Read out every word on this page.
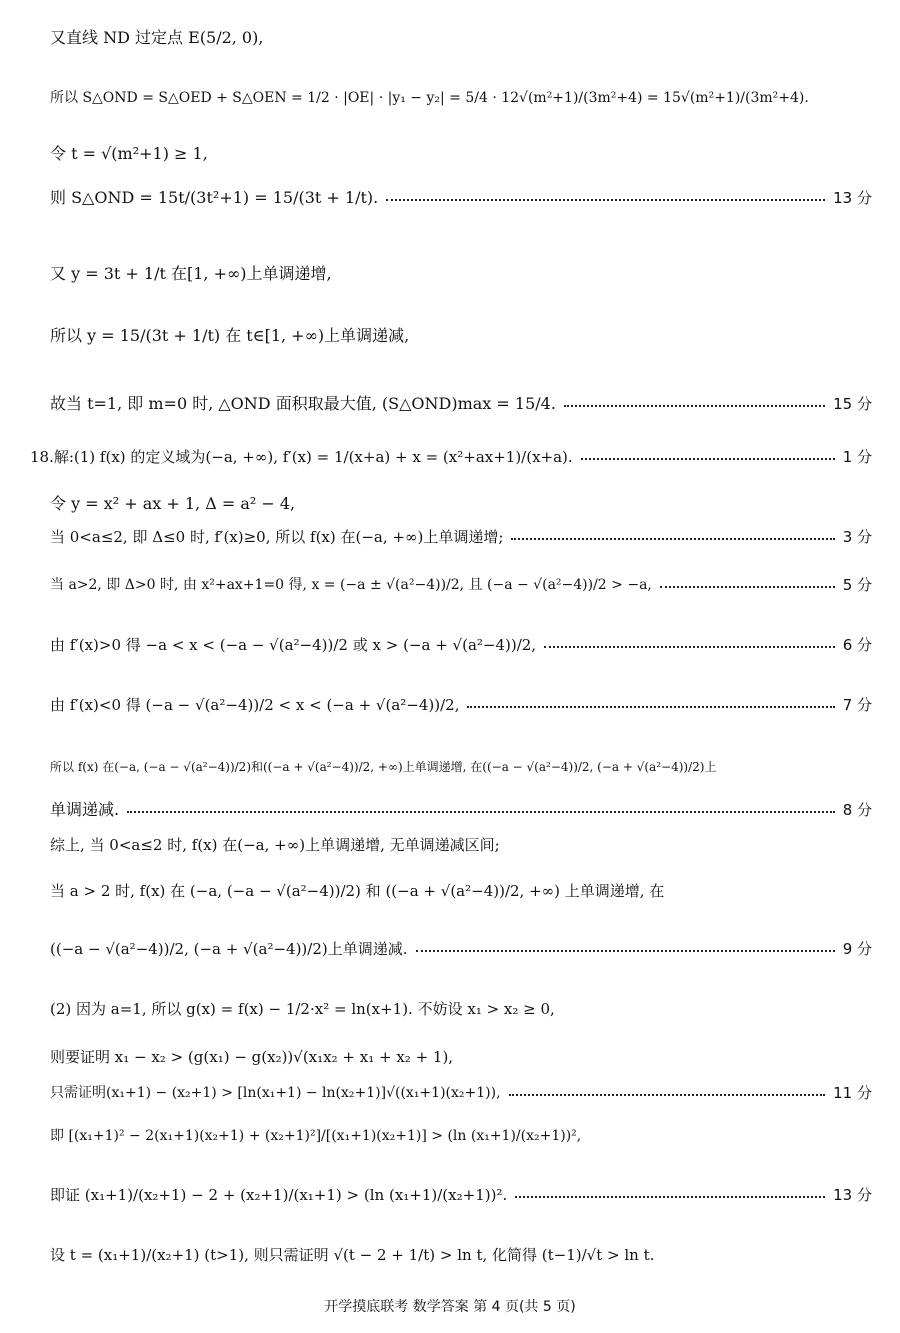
又直线 ND 过定点 E(5/2, 0),
所以 S△OND = S△OED + S△OEN = 1/2 · |OE| · |y₁ − y₂| = 5/4 · 12√(m²+1)/(3m²+4) = 15√(m²+1)/(3m²+4).
令 t = √(m²+1) ≥ 1,
则 S△OND = 15t/(3t²+1) = 15/(3t + 1/t).	13 分
又 y = 3t + 1/t 在[1, +∞)上单调递增,
所以 y = 15/(3t + 1/t) 在 t∈[1, +∞)上单调递减,
故当 t=1, 即 m=0 时, △OND 面积取最大值, (S△OND)max = 15/4.	15 分
18.解:(1) f(x) 的定义域为(−a, +∞), f′(x) = 1/(x+a) + x = (x²+ax+1)/(x+a).	1 分
令 y = x² + ax + 1, Δ = a² − 4,
当 0<a≤2, 即 Δ≤0 时, f′(x)≥0, 所以 f(x) 在(−a, +∞)上单调递增;	3 分
当 a>2, 即 Δ>0 时, 由 x²+ax+1=0 得, x = (−a ± √(a²−4))/2, 且 (−a − √(a²−4))/2 > −a,	5 分
由 f′(x)>0 得 −a < x < (−a − √(a²−4))/2 或 x > (−a + √(a²−4))/2,	6 分
由 f′(x)<0 得 (−a − √(a²−4))/2 < x < (−a + √(a²−4))/2,	7 分
所以 f(x) 在(−a, (−a − √(a²−4))/2)和((−a + √(a²−4))/2, +∞)上单调递增, 在((−a − √(a²−4))/2, (−a + √(a²−4))/2)上
单调递减.	8 分
综上, 当 0<a≤2 时, f(x) 在(−a, +∞)上单调递增, 无单调递减区间;
当 a > 2 时, f(x) 在 (−a, (−a − √(a²−4))/2) 和 ((−a + √(a²−4))/2, +∞) 上单调递增, 在
((−a − √(a²−4))/2, (−a + √(a²−4))/2)上单调递减.	9 分
(2) 因为 a=1, 所以 g(x) = f(x) − 1/2·x² = ln(x+1). 不妨设 x₁ > x₂ ≥ 0,
则要证明 x₁ − x₂ > (g(x₁) − g(x₂))√(x₁x₂ + x₁ + x₂ + 1),
只需证明(x₁+1) − (x₂+1) > [ln(x₁+1) − ln(x₂+1)]√((x₁+1)(x₂+1)),	11 分
即 [(x₁+1)² − 2(x₁+1)(x₂+1) + (x₂+1)²]/[(x₁+1)(x₂+1)] > (ln (x₁+1)/(x₂+1))²,
即证 (x₁+1)/(x₂+1) − 2 + (x₂+1)/(x₁+1) > (ln (x₁+1)/(x₂+1))².	13 分
设 t = (x₁+1)/(x₂+1) (t>1), 则只需证明 √(t − 2 + 1/t) > ln t, 化简得 (t−1)/√t > ln t.
开学摸底联考 数学答案 第 4 页(共 5 页)
